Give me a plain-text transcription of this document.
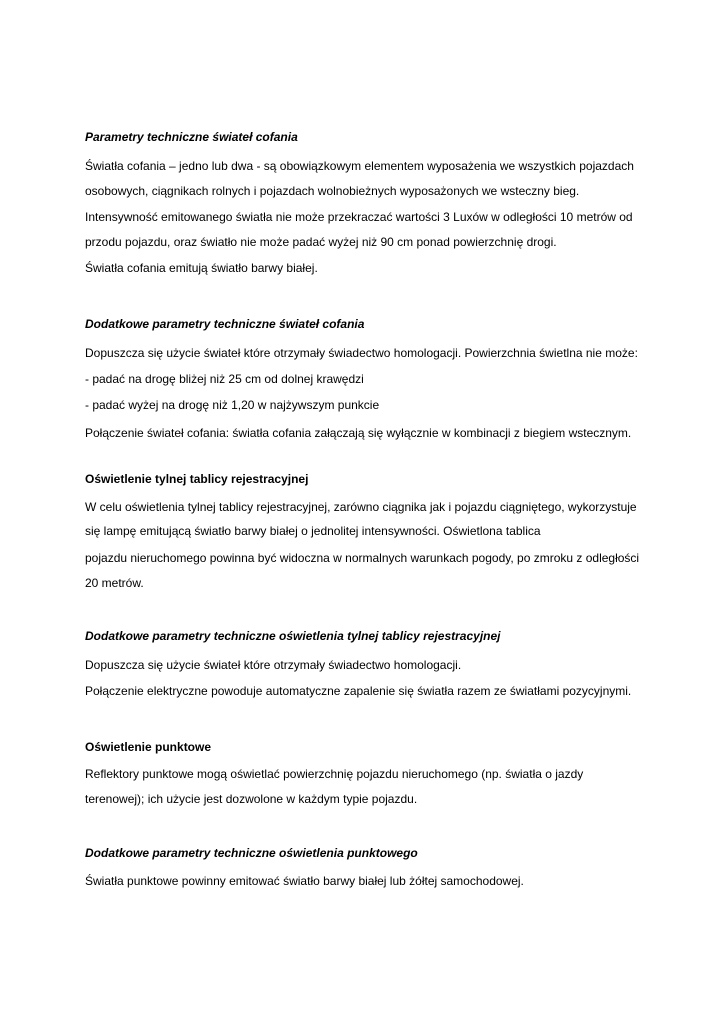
Parametry techniczne świateł cofania

Światła cofania – jedno lub dwa - są obowiązkowym elementem wyposażenia we wszystkich pojazdach

osobowych, ciągnikach rolnych i pojazdach wolnobieżnych wyposażonych we wsteczny bieg.

Intensywność emitowanego światła nie może przekraczać wartości 3 Luxów w odległości 10 metrów od

przodu pojazdu, oraz światło nie może padać wyżej niż 90 cm ponad powierzchnię drogi.

Światła cofania emitują światło barwy białej.

Dodatkowe parametry techniczne świateł cofania

Dopuszcza się użycie świateł które otrzymały świadectwo homologacji. Powierzchnia świetlna nie może:

- padać na drogę bliżej niż 25 cm od dolnej krawędzi

- padać wyżej na drogę niż 1,20 w najżywszym punkcie

Połączenie świateł cofania: światła cofania załączają się wyłącznie w kombinacji z biegiem wstecznym.

Oświetlenie tylnej tablicy rejestracyjnej

W celu oświetlenia tylnej tablicy rejestracyjnej, zarówno ciągnika jak i pojazdu ciągniętego, wykorzystuje

się lampę emitującą światło barwy białej o jednolitej intensywności. Oświetlona tablica

pojazdu nieruchomego powinna być widoczna w normalnych warunkach pogody, po zmroku z odległości

20 metrów.

Dodatkowe parametry techniczne oświetlenia tylnej tablicy rejestracyjnej

Dopuszcza się użycie świateł które otrzymały świadectwo homologacji.

Połączenie elektryczne powoduje automatyczne zapalenie się światła razem ze światłami pozycyjnymi.

Oświetlenie punktowe

Reflektory punktowe mogą oświetlać powierzchnię pojazdu nieruchomego (np. światła o jazdy

terenowej); ich użycie jest dozwolone w każdym typie pojazdu.

Dodatkowe parametry techniczne oświetlenia punktowego

Światła punktowe powinny emitować światło barwy białej lub żółtej samochodowej.
